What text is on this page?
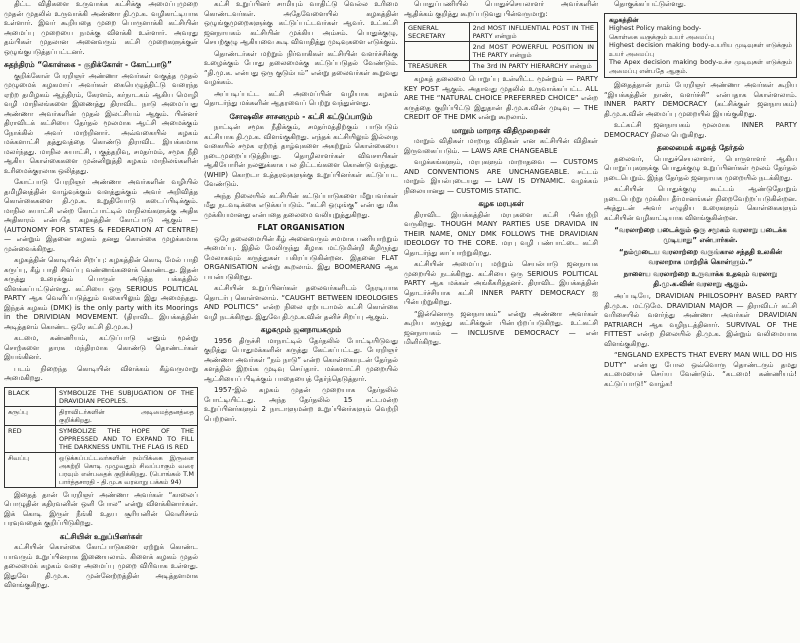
திட்ட விதிகளை உருவாக்க கட்சிக்கு அமைப்புமுறை முதன் முதலில் உருவாக்கி அண்ணா தி.மு.க. வழிகாட்டியாக உள்ளார். இவர் கூறியதை முறை பொருளாக்கி கட்சியின் அமைப்பு முறையை நமக்கு விளக்கி உள்ளார். அவரது தம்பிகள் முதலான அனைவரும் கட்சி முறைகளுக்குள் ஒழுங்குபடுத்தப்பட்டனர்.

சுதந்திரம் “கொள்கை - குறிக்கோள் - கோட்பாடு”

குறிக்கோள் பேரறிஞர் அண்ணா அவர்கள் வகுத்த முதல் முழுமைக் கழகமாய் அவர்கள் கையெழுத்திட்டு வரைந்த ஏற்ற தமிழகம் ஆந்திரம், கேரளம், கர்நாடகம் ஆகிய மொழி வழி மாநிலங்களை இணைத்து திராவிட நாடு அமைப்பது அண்ணா அவர்களின் முதல் இலட்சியம் ஆகும். பின்னர் திராவிடக் கட்சியை தேர்தல் மூலமாக ஆட்சி அமைக்கும் நோக்கில் அவர் மாற்றினார். அவ்வகையில் கழகம் மக்களாட்சி தத்துவத்தை கொண்டு திராவிட இயக்கமாக மலர்ந்தது. மாநில சுயாட்சி, பகுத்தறிவு, சமதர்மம், சமூக நீதி ஆகிய கொள்கைகளை முன்னிறுத்தி கழகம் மாநிலங்களின் உரிமைக்குரலாக ஒலித்தது.

கோட்பாடு பேரறிஞர் அண்ணா அவர்களின் வழியில் தமிழினத்தின் வாழ்வுக்கும் வளத்துக்கும் அவர் அறிவித்த கொள்கைகளை தி.மு.க. உறுதியோடு கடைப்பிடிக்கும். மாநில சுயாட்சி என்ற கோட்பாட்டில் மாநிலங்களுக்கு அதிக அதிகாரம் என்பதே கழகத்தின் கோட்பாடு ஆகும் — (AUTONOMY FOR STATES & FEDERATION AT CENTRE) — என்றும் இதனை கழகம் தனது கொள்கை முழக்கமாக முன்வைக்கிறது.

கழகத்தின் கொடியின் சிறப்பு: கழகத்தின் கொடி மேல் பாதி கருப்பு, கீழ் பாதி சிவப்பு வண்ணங்களைக் கொண்டது. இதன் கருத்து உரைக்கும் பொருள் அடுத்த பக்கத்தில் விளக்கப்பட்டுள்ளது. கட்சியை ஒரு SERIOUS POLITICAL PARTY ஆக வெளிப்படுத்தும் வகையிலும் இது அமைந்தது. இந்தக் கழகம் (DMK) is the only party with its Moorings in the DRIVIDIAN MOVEMENT. (திராவிட இயக்கத்தின் அடித்தளம் கொண்ட ஒரே கட்சி தி.மு.க.)

கடமை, கண்ணியம், கட்டுப்பாடு எனும் மூன்று சொற்களை தாரக மந்திரமாக கொண்டு தொண்டர்கள் இயங்கினர்.

படம் நிறைந்த கொடியின் விளக்கம் கீழ்வருமாறு அமைகிறது.

BLACK	SYMBOLIZE THE SUBJUGATION OF THE DRAVIDIAN PEOPLES.
கருப்பு	திராவிடர்களின் அடிமைத்தனத்தை குறிக்கிறது.
RED	SYMBOLIZE THE HOPE OF THE OPPRESSED AND TO EXPAND TO FILL THE DARKNESS UNTIL THE FLAG IS RED
சிவப்பு	ஒடுக்கப்பட்டவர்களின் நம்பிக்கை இருளை அகற்றி கொடி முழுவதும் சிவப்பாகும் வரை பரவும் என்பதைக் குறிக்கிறது. (பொங்கல் T.M பார்த்தசாரதி - தி.மு.க வரலாறு பக்கம் 94)

இதைத் தான் பேரறிஞர் அண்ணா அவர்கள் “காலைப் பொழுதின் கதிரவனின் ஒளி போல” என்று விளக்கினார்கள். இக் கொடி இருள் நீங்கி உதய சூரியனின் வெளிச்சம் பரவுவதைக் குறிப்பிடுகிறது.

கட்சியின் உறுப்பினர்கள்

கட்சியின் கொள்கை கோட்பாடுகளை ஏற்றுக் கொண்ட யாவரும் உறுப்பினராக இணையலாம். கிளைக் கழகம் முதல் தலைமைக் கழகம் வரை அமைப்பு முறை விரிவாக உள்ளது. இதுவே தி.மு.க. முன்னேற்றத்தின் அடித்தளமாக விளங்குகிறது.

கட்சி உறுப்பினர் சாமியும் வாதிட்டு வெல்ல உரிமை கொண்டவர்கள். அதேவேளையில் கழகத்தின் ஒழுங்குமுறைகளுக்கு கட்டுப்பட்டவர்கள் ஆவர். உட்கட்சி ஜனநாயகம் கட்சியின் முக்கிய அம்சம். பொதுக்குழு, செயற்குழு ஆகியவை கூடி விவாதித்து முடிவுகளை எடுக்கும்.

தொண்டர்கள் மற்றும் நிர்வாகிகள் கட்சியின் வளர்ச்சிக்கு உழைக்கும் போது தலைமைக்கு கட்டுப்படுதல் வேண்டும். “தி.மு.க. என்பது ஒரு குடும்பம்” என்று தலைவர்கள் கூறுவது வழக்கம்.

அப்படிப்பட்ட கட்சி அமைப்பின் வழியாக கழகம் தொடர்ந்து மக்களின் ஆதரவைப் பெற்று வந்துள்ளது.

சோஷலிச சாசனமும் - கட்சி கட்டுப்பாடும்

நாட்டின் சமூக நீதிக்கும், சமதர்மத்திற்கும் பாடுபடும் கட்சியாக தி.மு.க. விளங்குகிறது. எந்தக் கட்சியிலும் இல்லாத வகையில் சமூக ஏற்றத் தாழ்வுகளை அகற்றும் கொள்கையை நடைமுறைப்படுத்தியது. தொழிலாளர்கள் விவசாயிகள் ஆகியோரின் நலனுக்காக பல திட்டங்களை கொண்டு வந்தது. (WHIP) கொறடா உத்தரவுகளுக்கு உறுப்பினர்கள் கட்டுப்பட வேண்டும்.

அந்த நிலையில் கட்சியின் கட்டுப்பாடுகளை மீறுபவர்கள் மீது நடவடிக்கை எடுக்கப்படும். “கட்சி ஒழுங்கு” என்பது மிக முக்கியமானது என்பதை தலைமை வலியுறுத்துகிறது.

FLAT ORGANISATION

ஒரே தலைமையின் கீழ் அனைவரும் சமமாக பணியாற்றும் அமைப்பு. இதில் மேலிருந்து கீழாக மட்டுமின்றி கீழிருந்து மேலாகவும் கருத்துகள் பகிரப்படுகின்றன. இதனை FLAT ORGANISATION என்று கூறலாம். இது BOOMERANG ஆக பயன்படுகிறது.

கட்சியின் உறுப்பினர்கள் தலைவர்களிடம் நேரடியாக தொடர்பு கொள்ளலாம். “CAUGHT BETWEEN IDEOLOGIES AND POLITICS” என்ற நிலை ஏற்படாமல் கட்சி கொள்கை வழி நடக்கிறது. இதுவே தி.மு.க.வின் தனிச் சிறப்பு ஆகும்.

கழகமும் ஜனநாயகமும்

1956 திருச்சி மாநாட்டில் தேர்தலில் போட்டியிடுவது குறித்து பொதுமக்களின் கருத்து கேட்கப்பட்டது. பேரறிஞர் அண்ணா அவர்கள் “நம் நாடு” என்ற கொள்கையுடன் தேர்தல் களத்தில் இறங்க முடிவு செய்தார். மக்களாட்சி முறையில் ஆட்சியைப் பிடிக்கும் பாதையைத் தேர்ந்தெடுத்தார்.

1957-இல் கழகம் முதன் முறையாக தேர்தலில் போட்டியிட்டது. அந்த தேர்தலில் 15 சட்டமன்ற உறுப்பினர்களும் 2 நாடாளுமன்ற உறுப்பினர்களும் வெற்றி பெற்றனர்.

பொதுப்பணியில் பொதுச்செயலாளர் அவர்களின் ஆதிக்கம் குறித்து கூறப்படுவது பின்வருமாறு:

GENERAL SECRETARY	2nd MOST INFLUENTIAL POST IN THE PARTY என்றும்
	2nd MOST POWERFUL POSITION IN THE PARTY என்றும்
TREASURER	The 3rd IN PARTY HIERARCHY என்றும்

கழகத் தலைமை பொறுப்பு உள்ளிட்ட மூன்றும் — PARTY KEY POST ஆகும். அதாவது முதலில் உருவாக்கப்பட்ட ALL ARE THE “NATURAL CHOICE PREFERRED CHOICE” என்ற கருத்தை குறிப்பிட்டு இதுதான் தி.மு.க.வின் முடிவு — THE CREDIT OF THE DMK என்று கூறலாம்.

மாறும் மாறாத விதிமுறைகள்

மாறும் விதிகள் மாறாத விதிகள் என கட்சியின் விதிகள் இருவகைப்படும். — LAWS ARE CHANGEABLE

வழக்கங்களும், மரபுகளும் மாறாதவை — CUSTOMS AND CONVENTIONS ARE UNCHANGEABLE. சட்டம் மாறும் இயல்புடையது — LAW IS DYNAMIC. வழக்கம் நிலையானது — CUSTOMIS STATIC.

கழக மரபுகள்

திராவிட இயக்கத்தின் மரபுகளை கட்சி பின்பற்றி வருகிறது. THOUGH MANY PARTIES USE DRAVIDA IN THEIR NAME, ONLY DMK FOLLOWS THE DRAVIDIAN IDEOLOGY TO THE CORE. மரபு வழி பண்பாட்டை கட்சி தொடர்ந்து காப்பாற்றுகிறது.

கட்சியின் அமைப்பு மற்றும் செயல்பாடு ஜனநாயக முறையில் நடக்கிறது. கட்சியை ஒரு SERIOUS POLITICAL PARTY ஆக மக்கள் அங்கீகரித்தனர். திராவிட இயக்கத்தின் தொடர்ச்சியாக கட்சி INNER PARTY DEMOCRACY ஐ பின்பற்றுகிறது.

“இன்னொரு ஜனநாயகம்” என்று அண்ணா அவர்கள் கூறிய கருத்து கட்சிக்குள் பின்பற்றப்படுகிறது. உட்கட்சி ஜனநாயகம் — INCLUSIVE DEMOCRACY — என் மிளிர்கிறது.

தொகுக்கப்பட்டுள்ளது.

கழகத்தின்
Highest Policy making body-
கொள்கை வகுக்கும் உயர் அமைப்பு
Highest decision making body-உயரிய முடிவுகள் எடுக்கும் உயர் அமைப்பு
The Apex decision making body-உச்ச முடிவுகள் எடுக்கும் அமைப்பு என்பதே ஆகும்.

இதைத்தான் நாம் பேரறிஞர் அண்ணா அவர்கள் கூறிய “இயக்கத்தின் நாண், வளர்ச்சி” என்பதாக கொள்ளலாம். INNER PARTY DEMOCRACY (கட்சிக்குள் ஜனநாயகம்) தி.மு.க.வின் அமைப்பு முறையில் இயங்குகிறது.

உட்கட்சி ஜனநாயகம் மூலமாக INNER PARTY DEMOCRACY நிலை பெறுகிறது.

தலைமைக் கழகத் தேர்தல்

தலைவர், பொதுச்செயலாளர், பொருளாளர் ஆகிய பொறுப்புகளுக்கு பொதுக்குழு உறுப்பினர்கள் மூலம் தேர்தல் நடைபெறும். இந்த தேர்தல் ஜனநாயக முறையில் நடக்கிறது.

கட்சியின் பொதுக்குழு கூட்டம் ஆண்டுதோறும் நடைபெற்று முக்கிய தீர்மானங்கள் நிறைவேற்றப்படுகின்றன. அத்துடன் அவர் எழுதிய உரைகளும் கொள்கைகளும் கட்சியின் வழிகாட்டியாக விளங்குகின்றன.

“வரலாற்றை படைக்கும் ஒரு சமூகம் வரலாறு படைக்க முடியாது” என்பார்கள்.
“நம்முடைய வரலாற்றை வருங்கால சந்ததி உலகின் வரலாறாக மாற்றிக் கொள்ளும்.”
நாளைய வரலாற்றை உருவாக்க உதவும் வரலாறு தி.மு.க.வின் வரலாறு ஆகும்.

அப்படியே, DRAVIDIAN PHILOSOPHY BASED PARTY தி.மு.க. மட்டுமே. DRAVIDIAN MAJOR — திராவிடர் கட்சி வரிசையில் வளர்ந்து அண்ணா அவர்கள் DRAVIDIAN PATRIARCH ஆக வழிநடத்தினார். SURVIVAL OF THE FITTEST என்ற நிலையில் தி.மு.க. இன்றும் வலிமையாக விளங்குகிறது.

“ENGLAND EXPECTS THAT EVERY MAN WILL DO HIS DUTY” என்பது போல ஒவ்வொரு தொண்டரும் தமது கடமையைச் செய்ய வேண்டும். “கடமை! கண்ணியம்! கட்டுப்பாடு!” வாழ்க!
